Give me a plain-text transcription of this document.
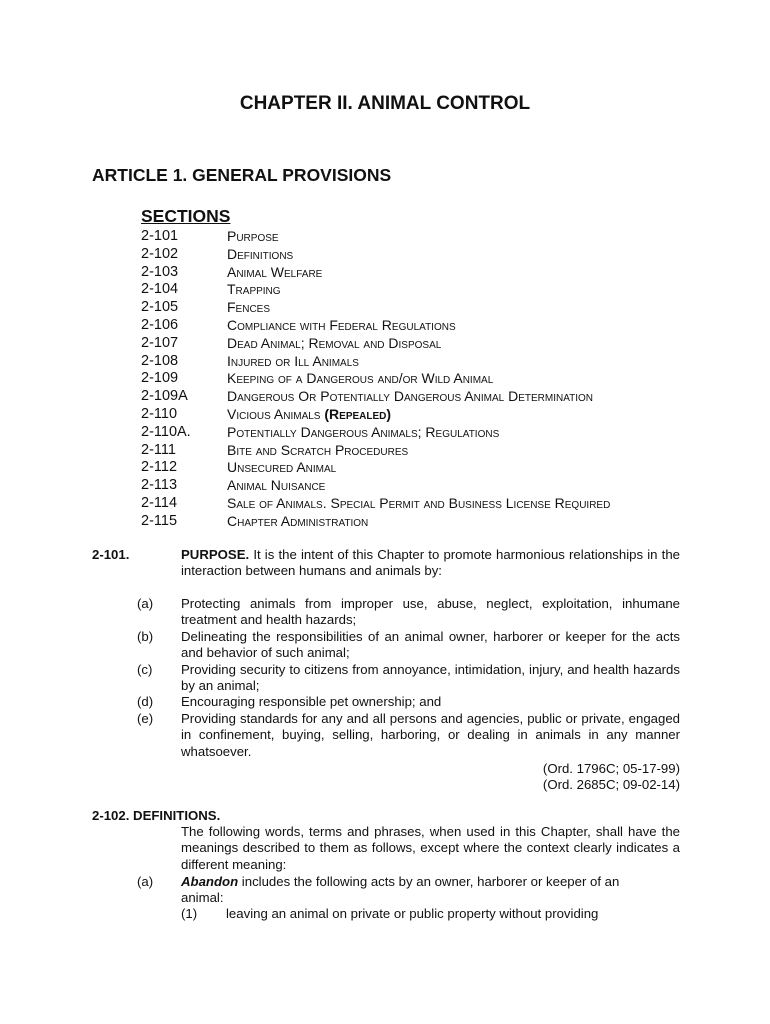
CHAPTER II. ANIMAL CONTROL
ARTICLE 1. GENERAL PROVISIONS
SECTIONS
2-101	Purpose
2-102	Definitions
2-103	Animal Welfare
2-104	Trapping
2-105	Fences
2-106	Compliance with Federal Regulations
2-107	Dead Animal; Removal and Disposal
2-108	Injured or Ill Animals
2-109	Keeping of a Dangerous and/or Wild Animal
2-109A	Dangerous Or Potentially Dangerous Animal Determination
2-110	Vicious Animals (Repealed)
2-110A.	Potentially Dangerous Animals; Regulations
2-111	Bite and Scratch Procedures
2-112	Unsecured Animal
2-113	Animal Nuisance
2-114	Sale of Animals. Special Permit and Business License Required
2-115	Chapter Administration
2-101.	PURPOSE. It is the intent of this Chapter to promote harmonious relationships in the interaction between humans and animals by:
(a)	Protecting animals from improper use, abuse, neglect, exploitation, inhumane treatment and health hazards;
(b)	Delineating the responsibilities of an animal owner, harborer or keeper for the acts and behavior of such animal;
(c)	Providing security to citizens from annoyance, intimidation, injury, and health hazards by an animal;
(d)	Encouraging responsible pet ownership; and
(e)	Providing standards for any and all persons and agencies, public or private, engaged in confinement, buying, selling, harboring, or dealing in animals in any manner whatsoever.
(Ord. 1796C; 05-17-99)
(Ord. 2685C; 09-02-14)
2-102. DEFINITIONS.
The following words, terms and phrases, when used in this Chapter, shall have the meanings described to them as follows, except where the context clearly indicates a different meaning:
(a) Abandon includes the following acts by an owner, harborer or keeper of an animal:
(1) leaving an animal on private or public property without providing
